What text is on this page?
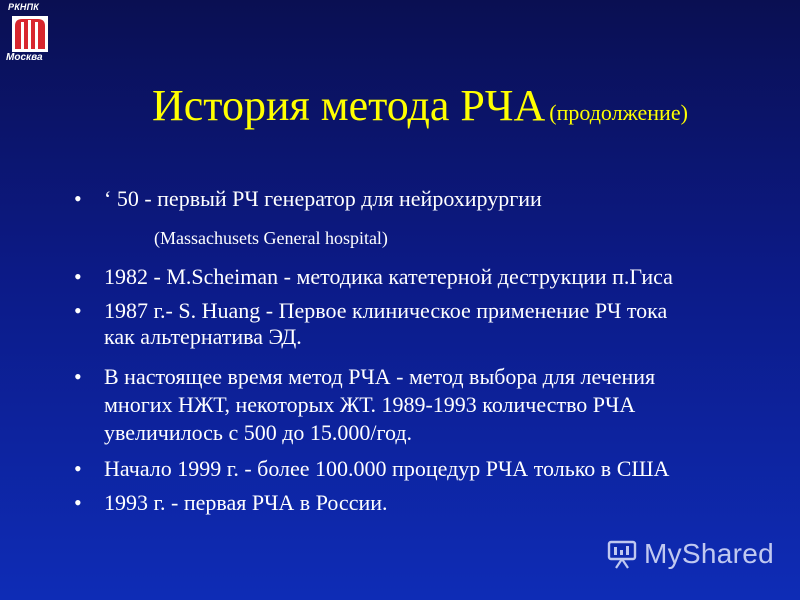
РКНПК
Москва
История метода РЧА (продолжение)
•	‘ 50 - первый РЧ генератор для нейрохирургии
(Massachusets General hospital)
•	1982 - M.Scheiman - методика катетерной деструкции п.Гиса
•	1987 г.- S. Huang - Первое клиническое применение РЧ тока
как альтернатива ЭД.
•	В настоящее время метод РЧА - метод выбора для лечения
многих НЖТ, некоторых ЖТ. 1989-1993 количество РЧА
увеличилось с 500 до 15.000/год.
•	Начало 1999 г. - более 100.000 процедур РЧА только в США
•	1993 г. - первая РЧА в России.
MyShared
